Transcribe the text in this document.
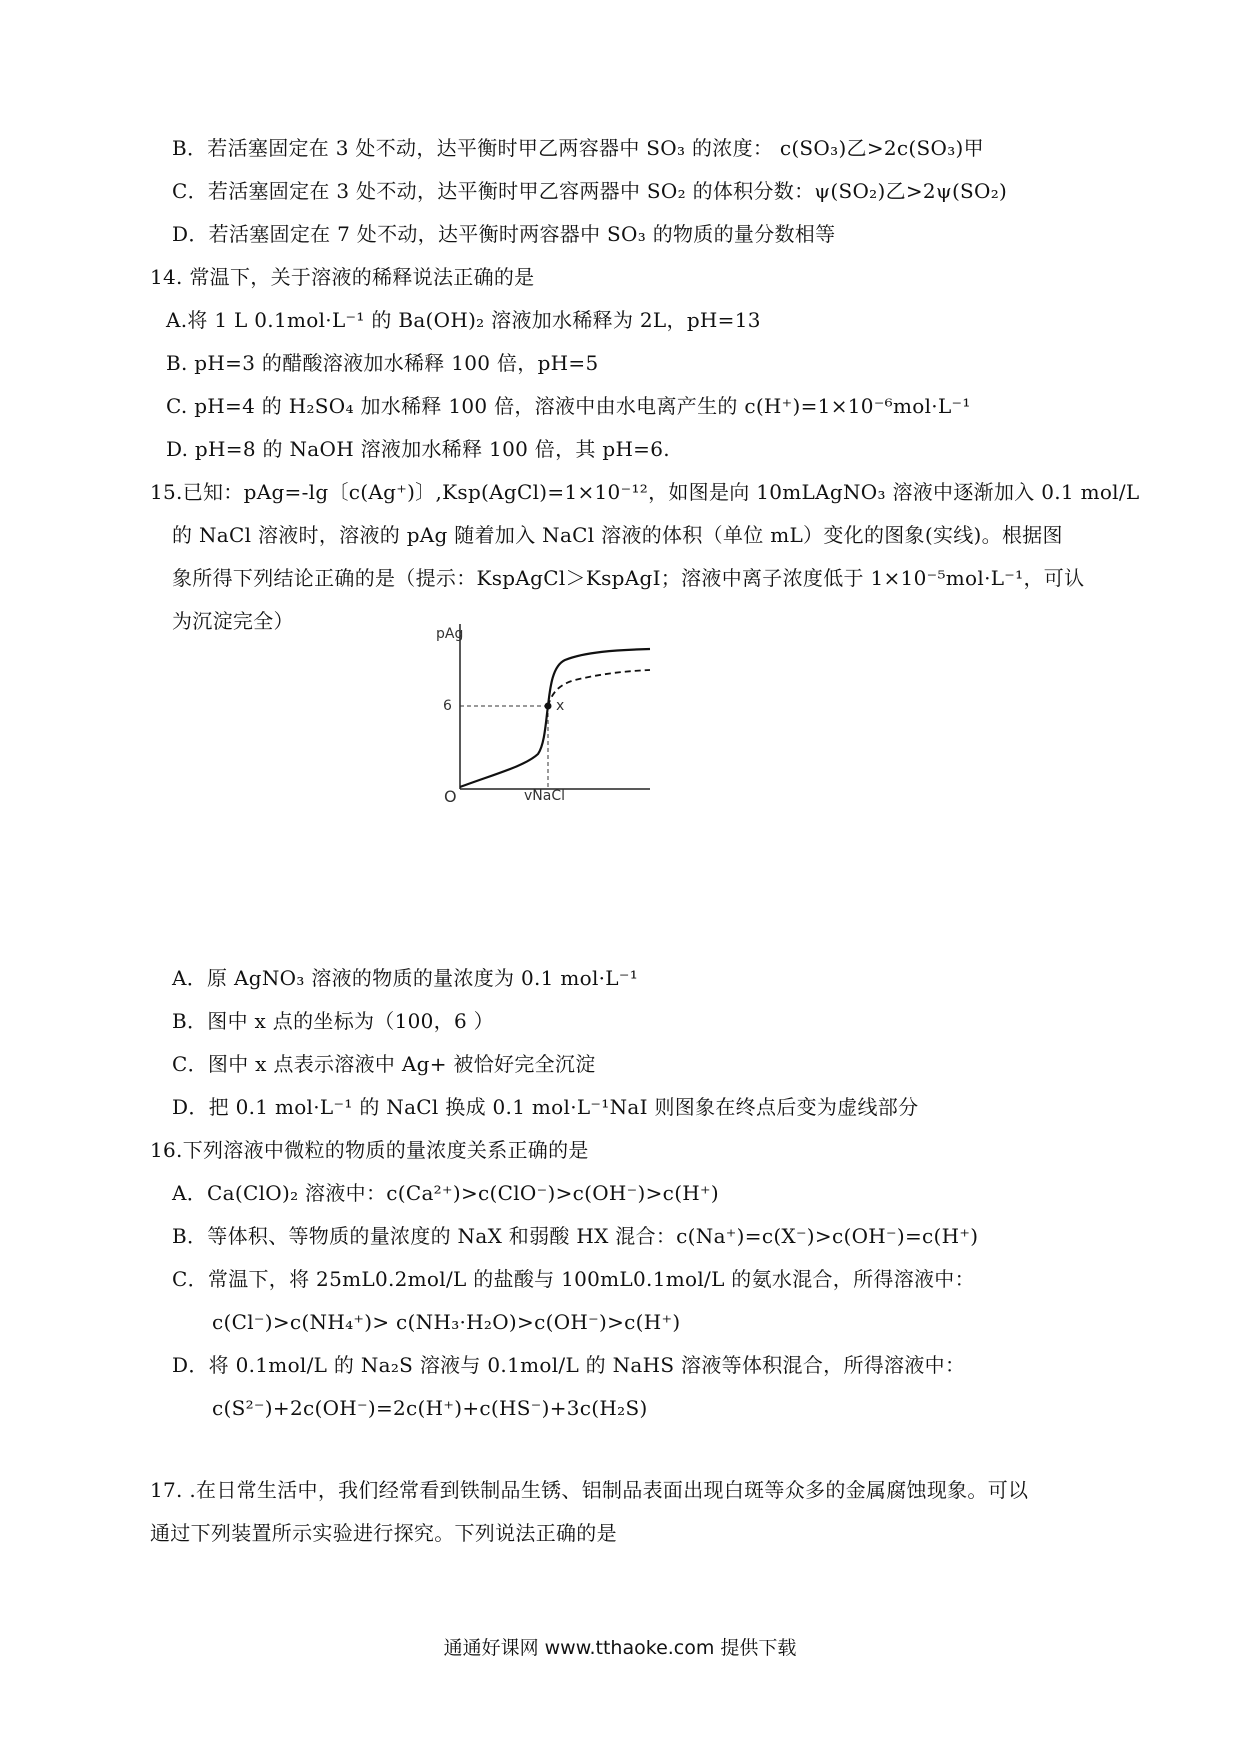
B．若活塞固定在 3 处不动，达平衡时甲乙两容器中 SO₃ 的浓度： c(SO₃)乙>2c(SO₃)甲
C．若活塞固定在 3 处不动，达平衡时甲乙容两器中 SO₂ 的体积分数：ψ(SO₂)乙>2ψ(SO₂)
D．若活塞固定在 7 处不动，达平衡时两容器中 SO₃ 的物质的量分数相等
14. 常温下，关于溶液的稀释说法正确的是
A.将 1 L 0.1mol·L⁻¹ 的 Ba(OH)₂ 溶液加水稀释为 2L，pH=13
B. pH=3 的醋酸溶液加水稀释 100 倍，pH=5
C. pH=4 的 H₂SO₄ 加水稀释 100 倍，溶液中由水电离产生的 c(H⁺)=1×10⁻⁶mol·L⁻¹
D. pH=8 的 NaOH 溶液加水稀释 100 倍，其 pH=6.
15.已知：pAg=-lg〔c(Ag⁺)〕,Ksp(AgCl)=1×10⁻¹²，如图是向 10mLAgNO₃ 溶液中逐渐加入 0.1 mol/L
的 NaCl 溶液时，溶液的 pAg 随着加入 NaCl 溶液的体积（单位 mL）变化的图象(实线)。根据图
象所得下列结论正确的是（提示：KspAgCl＞KspAgI；溶液中离子浓度低于 1×10⁻⁵mol·L⁻¹，可认
为沉淀完全）
pAg
vNaCl
6	x
O
A．原 AgNO₃ 溶液的物质的量浓度为 0.1 mol·L⁻¹
B．图中 x 点的坐标为（100，6 ）
C．图中 x 点表示溶液中 Ag+ 被恰好完全沉淀
D．把 0.1 mol·L⁻¹ 的 NaCl 换成 0.1 mol·L⁻¹NaI 则图象在终点后变为虚线部分
16.下列溶液中微粒的物质的量浓度关系正确的是
A．Ca(ClO)₂ 溶液中：c(Ca²⁺)>c(ClO⁻)>c(OH⁻)>c(H⁺)
B．等体积、等物质的量浓度的 NaX 和弱酸 HX 混合：c(Na⁺)=c(X⁻)>c(OH⁻)=c(H⁺)
C．常温下，将 25mL0.2mol/L 的盐酸与 100mL0.1mol/L 的氨水混合，所得溶液中：
c(Cl⁻)>c(NH₄⁺)> c(NH₃·H₂O)>c(OH⁻)>c(H⁺)
D．将 0.1mol/L 的 Na₂S 溶液与 0.1mol/L 的 NaHS 溶液等体积混合，所得溶液中：
c(S²⁻)+2c(OH⁻)=2c(H⁺)+c(HS⁻)+3c(H₂S)
17. .在日常生活中，我们经常看到铁制品生锈、铝制品表面出现白斑等众多的金属腐蚀现象。可以
通过下列装置所示实验进行探究。下列说法正确的是
通通好课网 www.tthaoke.com 提供下载
